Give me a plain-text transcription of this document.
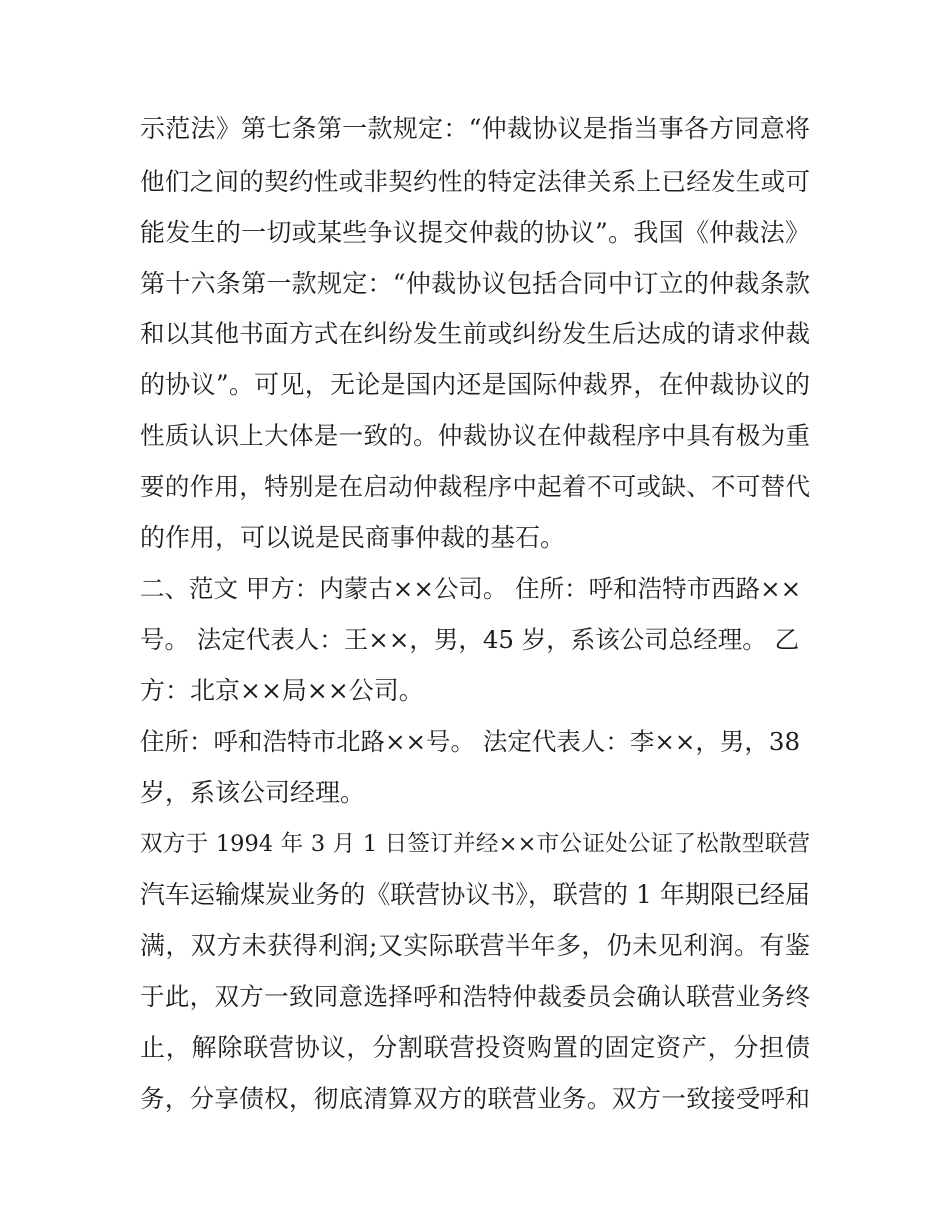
示范法》第七条第一款规定：“仲裁协议是指当事各方同意将
他们之间的契约性或非契约性的特定法律关系上已经发生或可
能发生的一切或某些争议提交仲裁的协议”。我国《仲裁法》
第十六条第一款规定：“仲裁协议包括合同中订立的仲裁条款
和以其他书面方式在纠纷发生前或纠纷发生后达成的请求仲裁
的协议”。可见，无论是国内还是国际仲裁界，在仲裁协议的
性质认识上大体是一致的。仲裁协议在仲裁程序中具有极为重
要的作用，特别是在启动仲裁程序中起着不可或缺、不可替代
的作用，可以说是民商事仲裁的基石。
二、范文 甲方：内蒙古××公司。 住所：呼和浩特市西路××
号。 法定代表人：王××，男，45 岁，系该公司总经理。 乙
方：北京××局××公司。
住所：呼和浩特市北路××号。 法定代表人：李××，男，38
岁，系该公司经理。
双方于 1994 年 3 月 1 日签订并经××市公证处公证了松散型联营
汽车运输煤炭业务的《联营协议书》，联营的 1 年期限已经届
满，双方未获得利润;又实际联营半年多，仍未见利润。有鉴
于此，双方一致同意选择呼和浩特仲裁委员会确认联营业务终
止，解除联营协议，分割联营投资购置的固定资产，分担债
务，分享债权，彻底清算双方的联营业务。双方一致接受呼和
